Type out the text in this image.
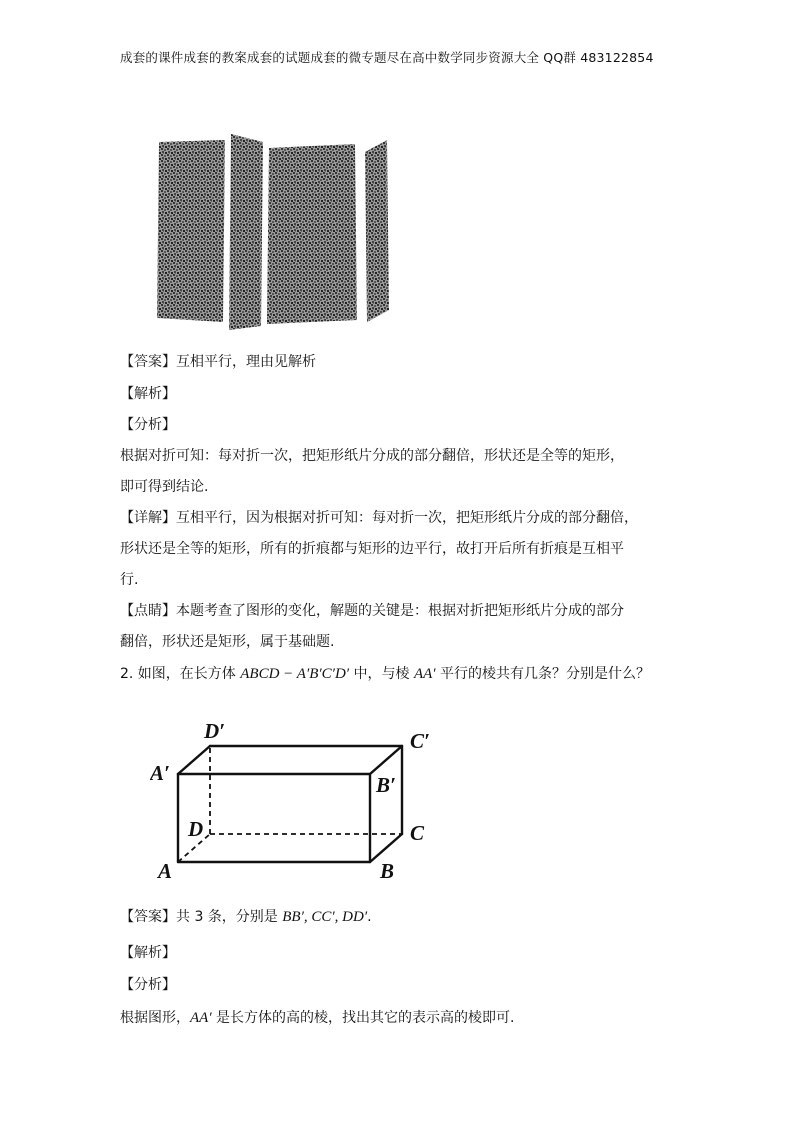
成套的课件成套的教案成套的试题成套的微专题尽在高中数学同步资源大全 QQ群 483122854
【答案】互相平行，理由见解析
【解析】
【分析】
根据对折可知：每对折一次，把矩形纸片分成的部分翻倍，形状还是全等的矩形，
即可得到结论.
【详解】互相平行，因为根据对折可知：每对折一次，把矩形纸片分成的部分翻倍，
形状还是全等的矩形，所有的折痕都与矩形的边平行，故打开后所有折痕是互相平
行.
【点睛】本题考查了图形的变化，解题的关键是：根据对折把矩形纸片分成的部分
翻倍，形状还是矩形，属于基础题.
2. 如图，在长方体 ABCD − A′B′C′D′ 中，与棱 AA′ 平行的棱共有几条？分别是什么？
A	B
C
D
A′	B′
C′
D′
【答案】共 3 条，分别是 BB′, CC′, DD′.
【解析】
【分析】
根据图形，AA′ 是长方体的高的棱，找出其它的表示高的棱即可.
